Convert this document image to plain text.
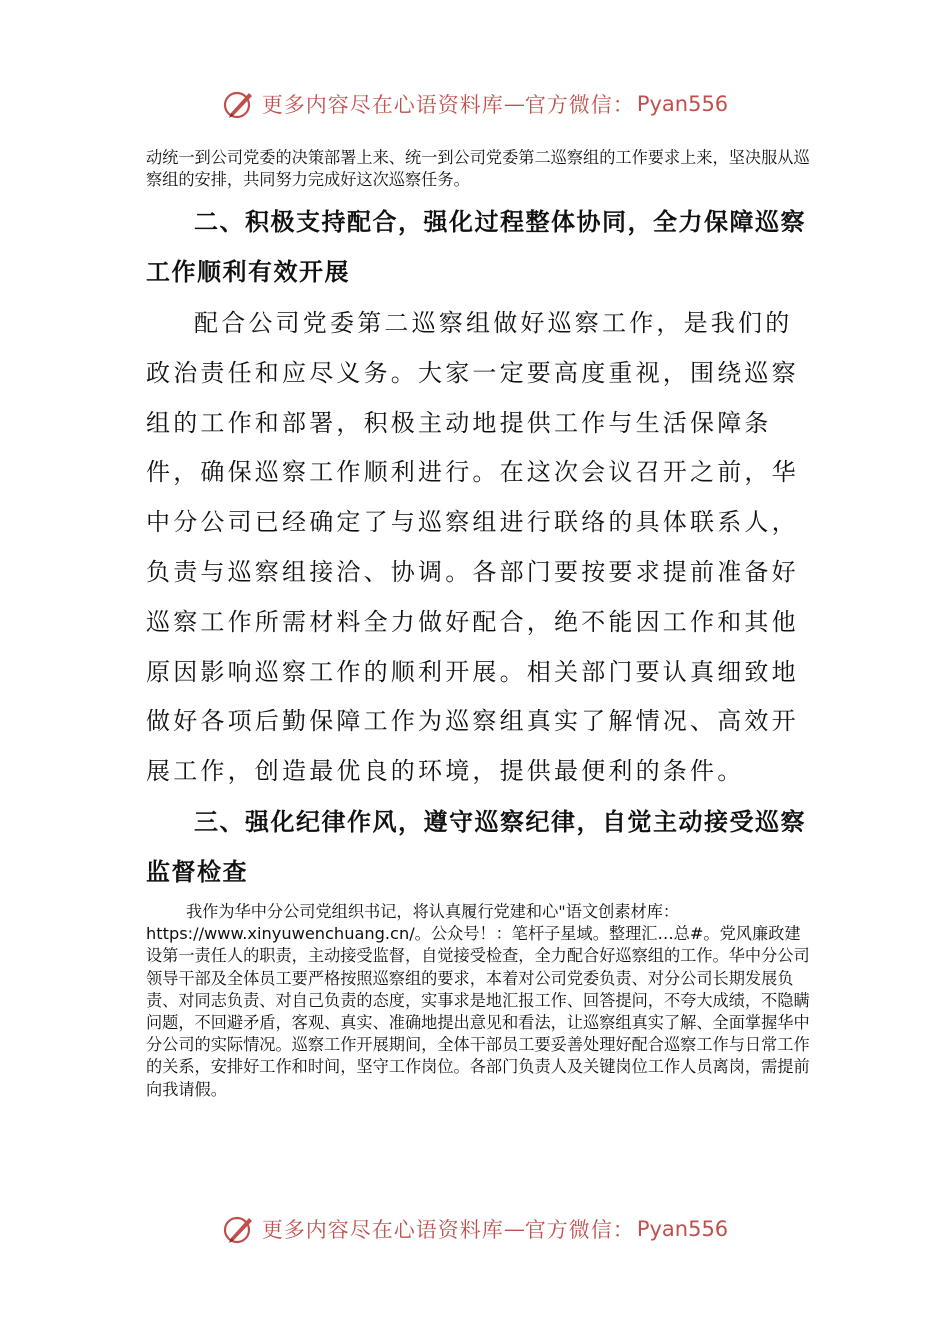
更多内容尽在心语资料库 — 官方微信： Pyan556

动统一到公司党委的决策部署上来、统一到公司党委第二巡察组的工作要求上来，坚决服从巡察组的安排，共同努力完成好这次巡察任务。

二、积极支持配合，强化过程整体协同，全力保障巡察工作顺利有效开展

配合公司党委第二巡察组做好巡察工作，是我们的政治责任和应尽义务。大家一定要高度重视，围绕巡察组的工作和部署，积极主动地提供工作与生活保障条件，确保巡察工作顺利进行。在这次会议召开之前，华中分公司已经确定了与巡察组进行联络的具体联系人，负责与巡察组接洽、协调。各部门要按要求提前准备好巡察工作所需材料全力做好配合，绝不能因工作和其他原因影响巡察工作的顺利开展。相关部门要认真细致地做好各项后勤保障工作为巡察组真实了解情况、高效开展工作，创造最优良的环境，提供最便利的条件。

三、强化纪律作风，遵守巡察纪律，自觉主动接受巡察监督检查

我作为华中分公司党组织书记，将认真履行党建和心"语文创素材库：https://www.xinyuwenchuang.cn/。公众号！：笔杆子星域。整理汇…总#。党风廉政建设第一责任人的职责，主动接受监督，自觉接受检查，全力配合好巡察组的工作。华中分公司领导干部及全体员工要严格按照巡察组的要求，本着对公司党委负责、对分公司长期发展负责、对同志负责、对自己负责的态度，实事求是地汇报工作、回答提问，不夸大成绩，不隐瞒问题，不回避矛盾，客观、真实、准确地提出意见和看法，让巡察组真实了解、全面掌握华中分公司的实际情况。巡察工作开展期间，全体干部员工要妥善处理好配合巡察工作与日常工作的关系，安排好工作和时间，坚守工作岗位。各部门负责人及关键岗位工作人员离岗，需提前向我请假。

更多内容尽在心语资料库 — 官方微信： Pyan556
